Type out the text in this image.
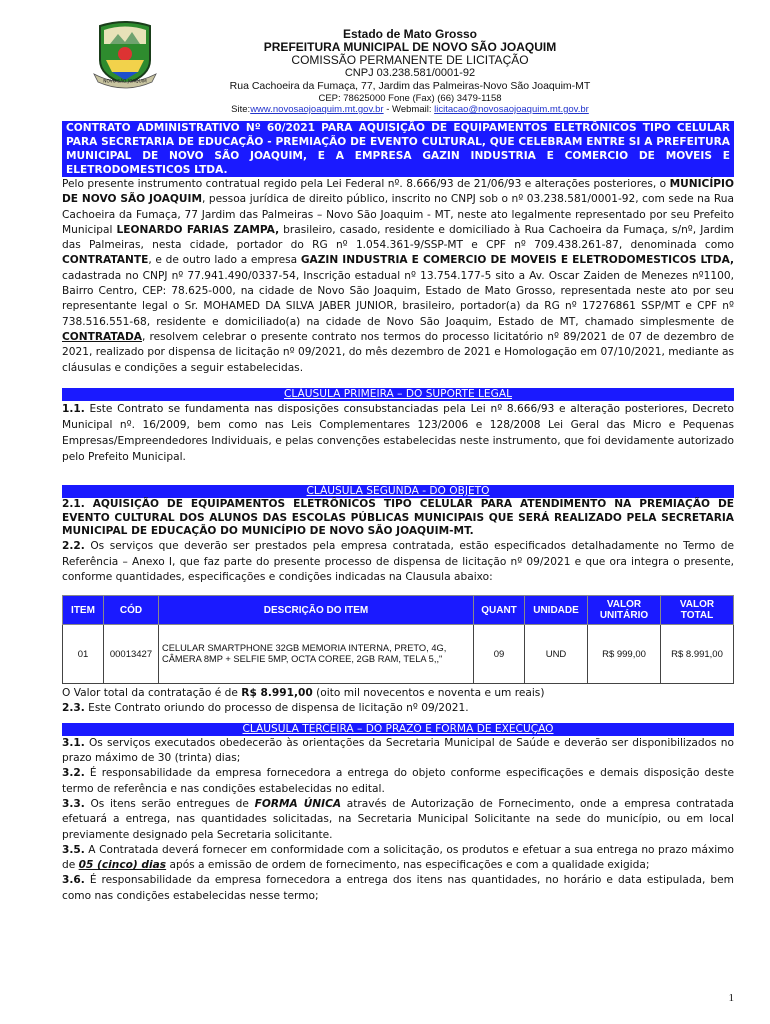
NOVO SÃO JOAQUIM
Estado de Mato Grosso
PREFEITURA MUNICIPAL DE NOVO SÃO JOAQUIM
COMISSÃO PERMANENTE DE LICITAÇÃO
CNPJ 03.238.581/0001-92
Rua Cachoeira da Fumaça, 77, Jardim das Palmeiras-Novo São Joaquim-MT
CEP: 78625000 Fone (Fax) (66) 3479-1158
Site:www.novosaojoaquim.mt.gov.br - Webmail: licitacao@novosaojoaquim.mt.gov.br
CONTRATO ADMINISTRATIVO Nº 60/2021 PARA AQUISIÇÃO DE EQUIPAMENTOS ELETRÔNICOS TIPO CELULAR PARA SECRETARIA DE EDUCAÇÃO - PREMIAÇÃO DE EVENTO CULTURAL, QUE CELEBRAM ENTRE SI A PREFEITURA MUNICIPAL DE NOVO SÃO JOAQUIM, E A EMPRESA GAZIN INDUSTRIA E COMERCIO DE MOVEIS E ELETRODOMESTICOS LTDA.

Pelo presente instrumento contratual regido pela Lei Federal nº. 8.666/93 de 21/06/93 e alterações posteriores, o MUNICÍPIO DE NOVO SÃO JOAQUIM, pessoa jurídica de direito público, inscrito no CNPJ sob o nº 03.238.581/0001-92, com sede na Rua Cachoeira da Fumaça, 77 Jardim das Palmeiras – Novo São Joaquim - MT, neste ato legalmente representado por seu Prefeito Municipal LEONARDO FARIAS ZAMPA, brasileiro, casado, residente e domiciliado à Rua Cachoeira da Fumaça, s/nº, Jardim das Palmeiras, nesta cidade, portador do RG nº 1.054.361-9/SSP-MT e CPF nº 709.438.261-87, denominada como CONTRATANTE, e de outro lado a empresa GAZIN INDUSTRIA E COMERCIO DE MOVEIS E ELETRODOMESTICOS LTDA, cadastrada no CNPJ nº 77.941.490/0337-54, Inscrição estadual nº 13.754.177-5 sito a Av. Oscar Zaiden de Menezes nº1100, Bairro Centro, CEP: 78.625-000, na cidade de Novo São Joaquim, Estado de Mato Grosso, representada neste ato por seu representante legal o Sr. MOHAMED DA SILVA JABER JUNIOR, brasileiro, portador(a) da RG nº 17276861 SSP/MT e CPF nº 738.516.551-68, residente e domiciliado(a) na cidade de Novo São Joaquim, Estado de MT, chamado simplesmente de CONTRATADA, resolvem celebrar o presente contrato nos termos do processo licitatório nº 89/2021 de 07 de dezembro de 2021, realizado por dispensa de licitação nº 09/2021, do mês dezembro de 2021 e Homologação em 07/10/2021, mediante as cláusulas e condições a seguir estabelecidas.

CLÁUSULA PRIMEIRA – DO SUPORTE LEGAL

1.1. Este Contrato se fundamenta nas disposições consubstanciadas pela Lei nº 8.666/93 e alteração posteriores, Decreto Municipal nº. 16/2009, bem como nas Leis Complementares 123/2006 e 128/2008 Lei Geral das Micro e Pequenas Empresas/Empreendedores Individuais, e pelas convenções estabelecidas neste instrumento, que foi devidamente autorizado pelo Prefeito Municipal.

CLÁUSULA SEGUNDA - DO OBJETO

2.1. AQUISIÇÃO DE EQUIPAMENTOS ELETRÔNICOS TIPO CELULAR PARA ATENDIMENTO NA PREMIAÇÃO DE EVENTO CULTURAL DOS ALUNOS DAS ESCOLAS PÚBLICAS MUNICIPAIS QUE SERÁ REALIZADO PELA SECRETARIA MUNICIPAL DE EDUCAÇÃO DO MUNICÍPIO DE NOVO SÃO JOAQUIM-MT.

2.2. Os serviços que deverão ser prestados pela empresa contratada, estão especificados detalhadamente no Termo de Referência – Anexo I, que faz parte do presente processo de dispensa de licitação nº 09/2021 e que ora integra o presente, conforme quantidades, especificações e condições indicadas na Clausula abaixo:

ITEM	CÓD	DESCRIÇÃO DO ITEM	QUANT	UNIDADE	VALOR UNITÁRIO	VALOR TOTAL
01	00013427	CELULAR SMARTPHONE 32GB MEMORIA INTERNA, PRETO, 4G, CÂMERA 8MP + SELFIE 5MP, OCTA COREE, 2GB RAM, TELA 5,,"	09	UND	R$ 999,00	R$ 8.991,00

O Valor total da contratação é de R$ 8.991,00 (oito mil novecentos e noventa e um reais)

2.3. Este Contrato oriundo do processo de dispensa de licitação nº 09/2021.

CLÁUSULA TERCEIRA – DO PRAZO E FORMA DE EXECUÇÃO

3.1. Os serviços executados obedecerão às orientações da Secretaria Municipal de Saúde e deverão ser disponibilizados no prazo máximo de 30 (trinta) dias;

3.2. É responsabilidade da empresa fornecedora a entrega do objeto conforme especificações e demais disposição deste termo de referência e nas condições estabelecidas no edital.

3.3. Os itens serão entregues de FORMA ÚNICA através de Autorização de Fornecimento, onde a empresa contratada efetuará a entrega, nas quantidades solicitadas, na Secretaria Municipal Solicitante na sede do município, ou em local previamente designado pela Secretaria solicitante.

3.5. A Contratada deverá fornecer em conformidade com a solicitação, os produtos e efetuar a sua entrega no prazo máximo de 05 (cinco) dias após a emissão de ordem de fornecimento, nas especificações e com a qualidade exigida;

3.6. É responsabilidade da empresa fornecedora a entrega dos itens nas quantidades, no horário e data estipulada, bem como nas condições estabelecidas nesse termo;

1
